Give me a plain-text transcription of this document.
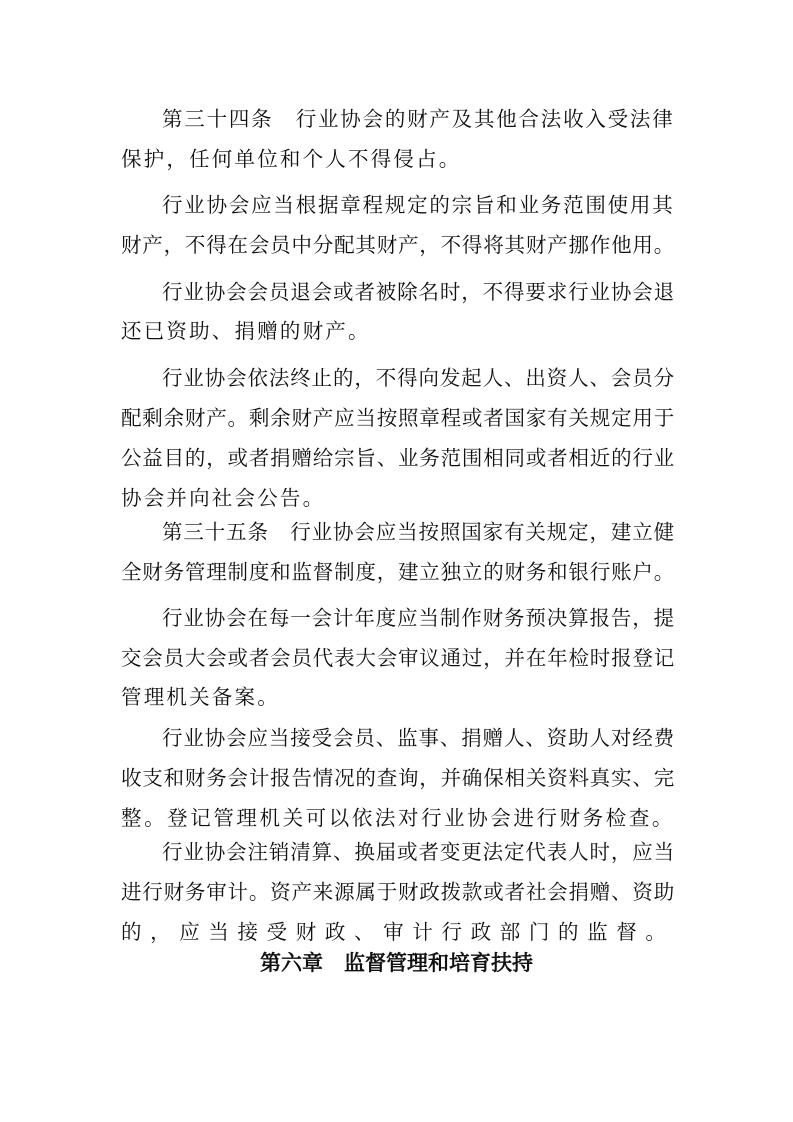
第三十四条　行业协会的财产及其他合法收入受法律
保护，任何单位和个人不得侵占。
行业协会应当根据章程规定的宗旨和业务范围使用其
财产，不得在会员中分配其财产，不得将其财产挪作他用。
行业协会会员退会或者被除名时，不得要求行业协会退
还已资助、捐赠的财产。
行业协会依法终止的，不得向发起人、出资人、会员分
配剩余财产。剩余财产应当按照章程或者国家有关规定用于
公益目的，或者捐赠给宗旨、业务范围相同或者相近的行业
协会并向社会公告。
第三十五条　行业协会应当按照国家有关规定，建立健
全财务管理制度和监督制度，建立独立的财务和银行账户。
行业协会在每一会计年度应当制作财务预决算报告，提
交会员大会或者会员代表大会审议通过，并在年检时报登记
管理机关备案。
行业协会应当接受会员、监事、捐赠人、资助人对经费
收支和财务会计报告情况的查询，并确保相关资料真实、完
整。登记管理机关可以依法对行业协会进行财务检查。
行业协会注销清算、换届或者变更法定代表人时，应当
进行财务审计。资产来源属于财政拨款或者社会捐赠、资助
的，应当接受财政、审计行政部门的监督。
第六章　监督管理和培育扶持
